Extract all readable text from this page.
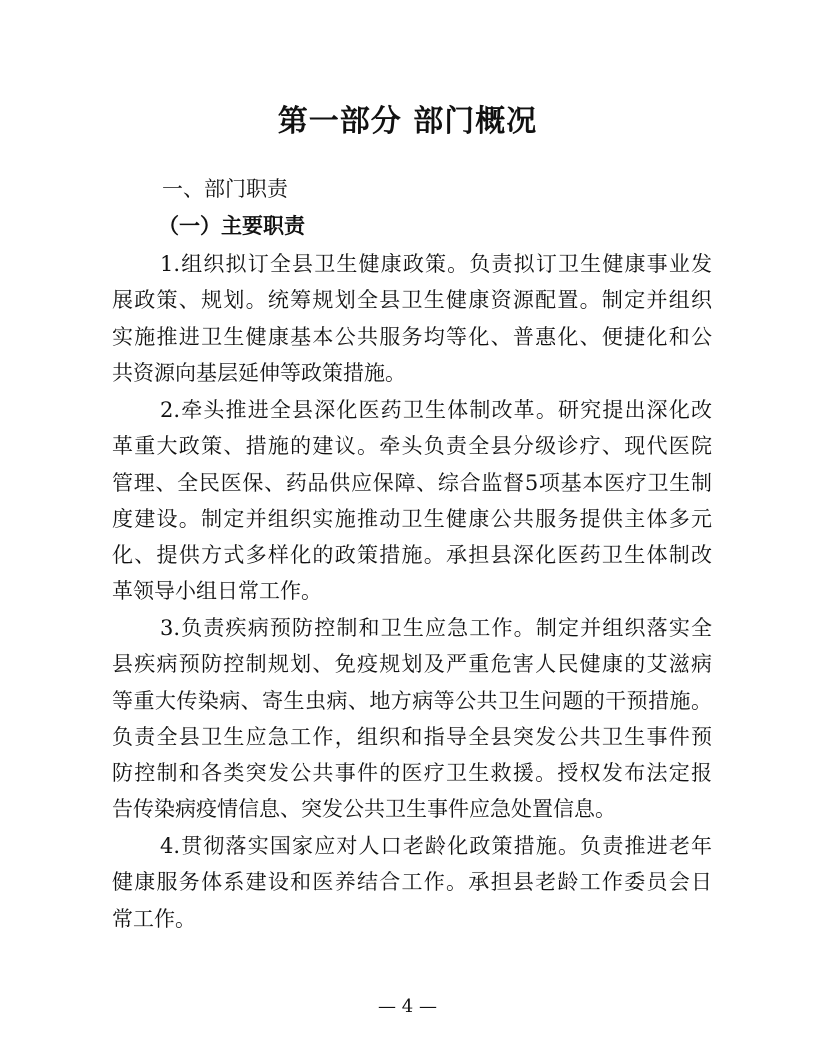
第一部分 部门概况
一、部门职责
（一）主要职责
1.组织拟订全县卫生健康政策。负责拟订卫生健康事业发
展政策、规划。统筹规划全县卫生健康资源配置。制定并组织
实施推进卫生健康基本公共服务均等化、普惠化、便捷化和公
共资源向基层延伸等政策措施。
2.牵头推进全县深化医药卫生体制改革。研究提出深化改
革重大政策、措施的建议。牵头负责全县分级诊疗、现代医院
管理、全民医保、药品供应保障、综合监督5项基本医疗卫生制
度建设。制定并组织实施推动卫生健康公共服务提供主体多元
化、提供方式多样化的政策措施。承担县深化医药卫生体制改
革领导小组日常工作。
3.负责疾病预防控制和卫生应急工作。制定并组织落实全
县疾病预防控制规划、免疫规划及严重危害人民健康的艾滋病
等重大传染病、寄生虫病、地方病等公共卫生问题的干预措施。
负责全县卫生应急工作，组织和指导全县突发公共卫生事件预
防控制和各类突发公共事件的医疗卫生救援。授权发布法定报
告传染病疫情信息、突发公共卫生事件应急处置信息。
4.贯彻落实国家应对人口老龄化政策措施。负责推进老年
健康服务体系建设和医养结合工作。承担县老龄工作委员会日
常工作。
— 4 —
